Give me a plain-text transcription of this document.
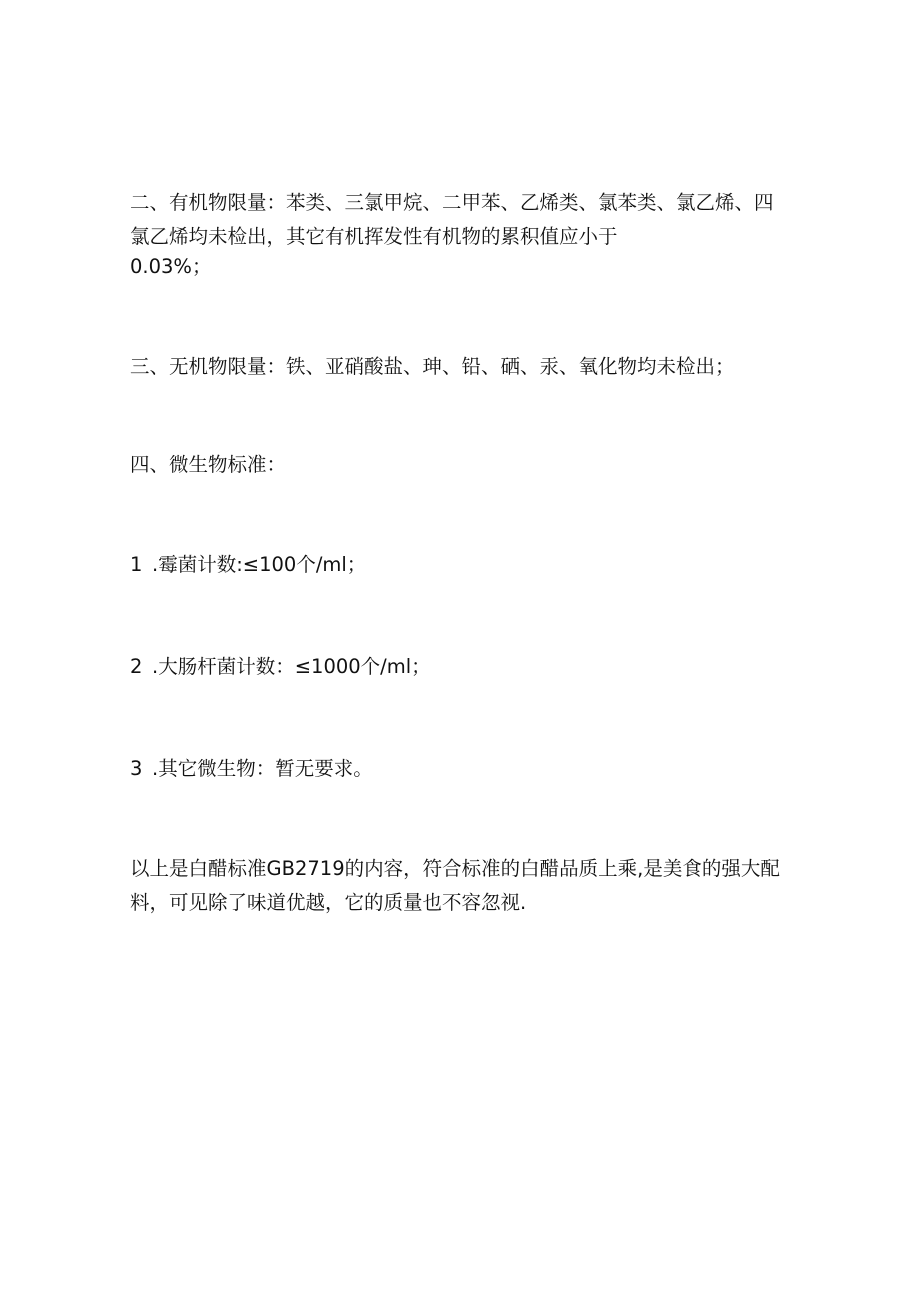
二、有机物限量：苯类、三氯甲烷、二甲苯、乙烯类、氯苯类、氯乙烯、四
氯乙烯均未检出，其它有机挥发性有机物的累积值应小于
0.03%；
三、无机物限量：铁、亚硝酸盐、珅、铅、硒、汞、氧化物均未检出；
四、微生物标准：
1 .霉菌计数:≤100个/ml；
2 .大肠杆菌计数：≤1000个/ml；
3 .其它微生物：暂无要求。
以上是白醋标准GB2719的内容，符合标准的白醋品质上乘,是美食的强大配
料，可见除了味道优越，它的质量也不容忽视.
